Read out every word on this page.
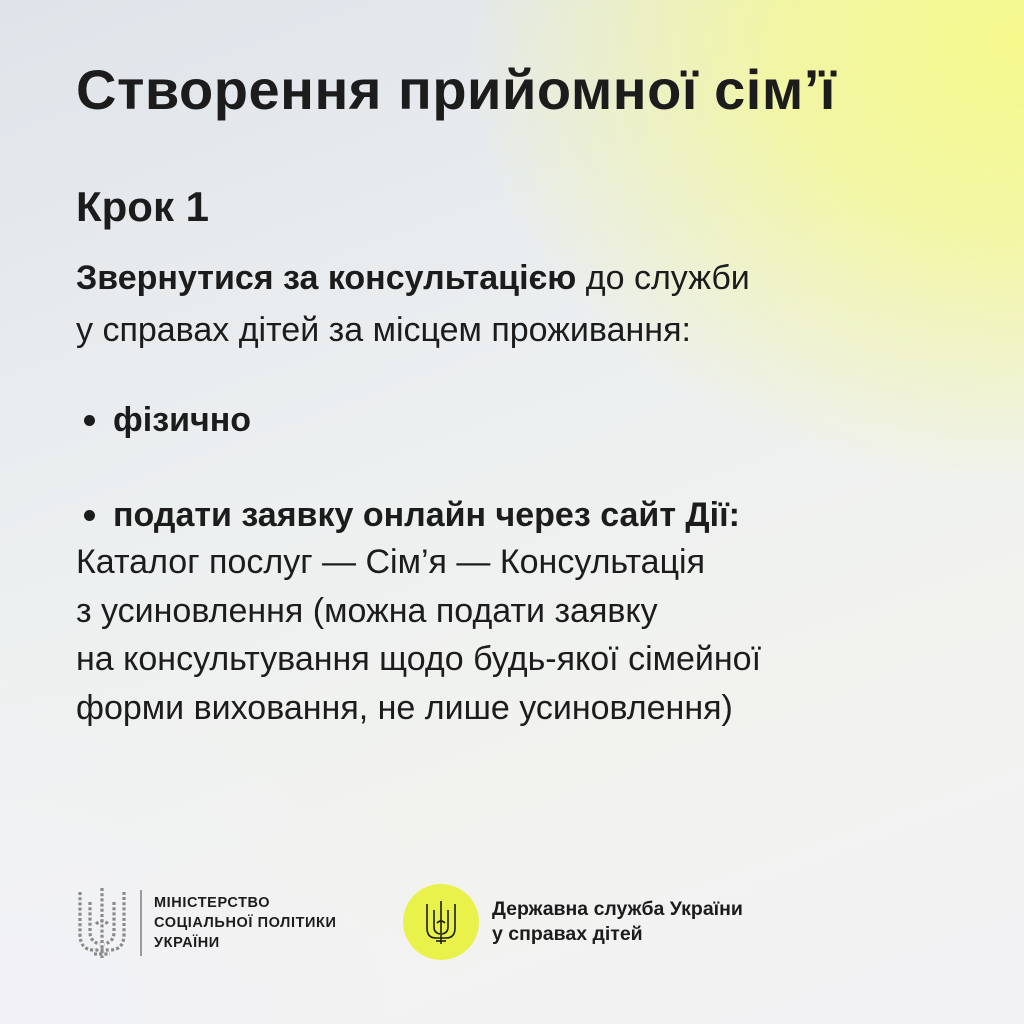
Створення прийомної сім’ї
Крок 1

Звернутися за консультацією до служби
у справах дітей за місцем проживання:

фізично
подати заявку онлайн через сайт Дії:

Каталог послуг — Сім’я — Консультація
з усиновлення (можна подати заявку
на консультування щодо будь-якої сімейної
форми виховання, не лише усиновлення)

МІНІСТЕРСТВО
СОЦІАЛЬНОЇ ПОЛІТИКИ
УКРАЇНИ
Державна служба України
у справах дітей
